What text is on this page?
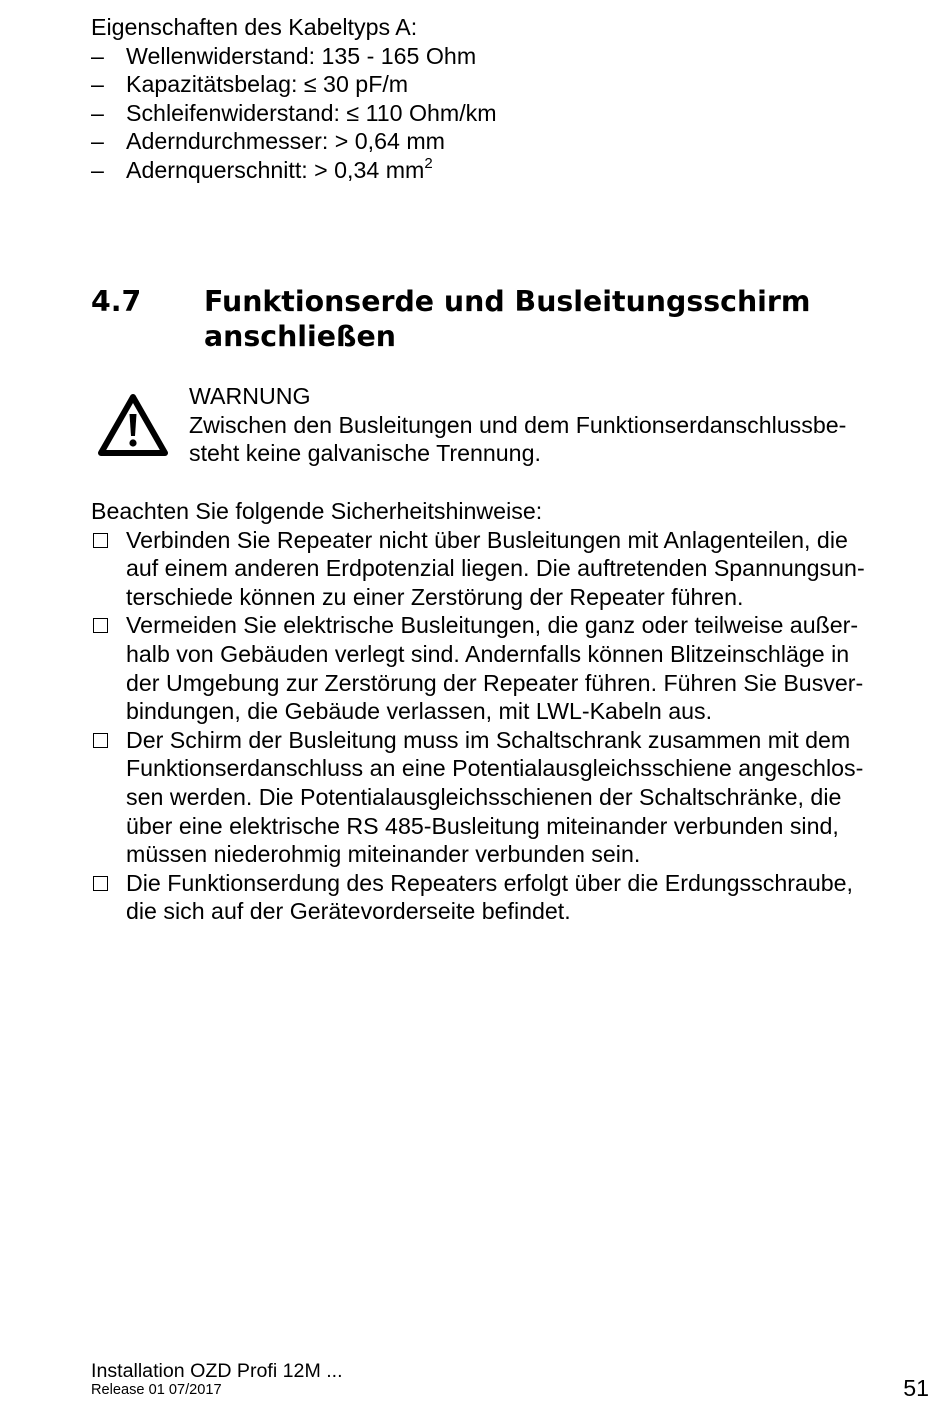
Eigenschaften des Kabeltyps A:
– Wellenwiderstand: 135 - 165 Ohm
– Kapazitätsbelag: ≤ 30 pF/m
– Schleifenwiderstand: ≤ 110 Ohm/km
– Aderndurchmesser: > 0,64 mm
– Adernquerschnitt: > 0,34 $mm^2$
4.7	Funktionserde und Busleitungsschirm
anschließen
WARNUNG
Zwischen den Busleitungen und dem Funktionserdanschlussbe-
steht keine galvanische Trennung.
Beachten Sie folgende Sicherheitshinweise:
Verbinden Sie Repeater nicht über Busleitungen mit Anlagenteilen, die
auf einem anderen Erdpotenzial liegen. Die auftretenden Spannungsun-
terschiede können zu einer Zerstörung der Repeater führen.
Vermeiden Sie elektrische Busleitungen, die ganz oder teilweise außer-
halb von Gebäuden verlegt sind. Andernfalls können Blitzeinschläge in
der Umgebung zur Zerstörung der Repeater führen. Führen Sie Busver-
bindungen, die Gebäude verlassen, mit LWL-Kabeln aus.
Der Schirm der Busleitung muss im Schaltschrank zusammen mit dem
Funktionserdanschluss an eine Potentialausgleichsschiene angeschlos-
sen werden. Die Potentialausgleichsschienen der Schaltschränke, die
über eine elektrische RS 485-Busleitung miteinander verbunden sind,
müssen niederohmig miteinander verbunden sein.
Die Funktionserdung des Repeaters erfolgt über die Erdungsschraube,
die sich auf der Gerätevorderseite befindet.
Installation OZD Profi 12M ...
Release 01 07/2017	51
